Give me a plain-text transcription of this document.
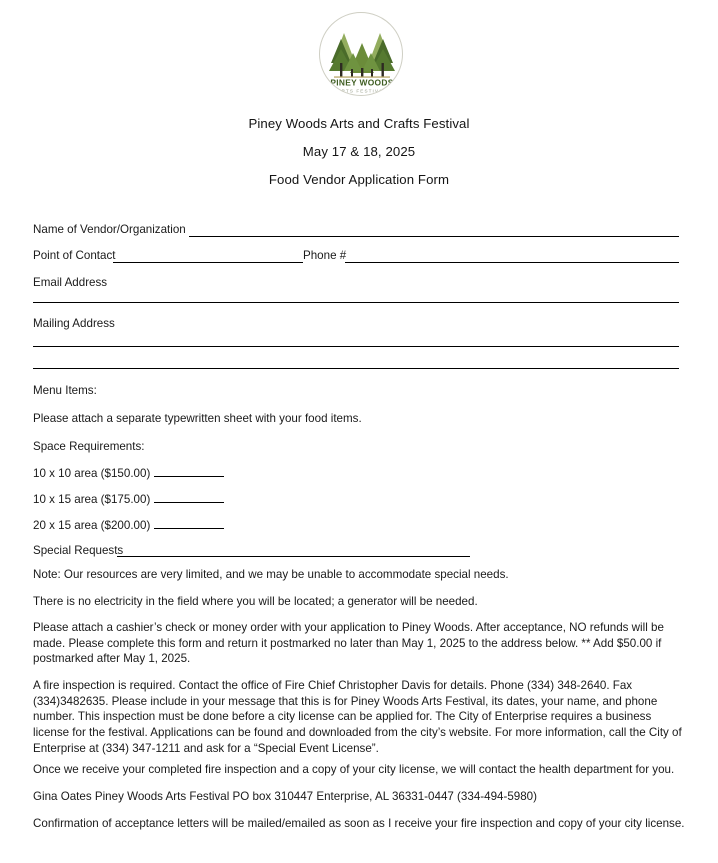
PINEY WOODS
ARTS FESTIVAL
Piney Woods Arts and Crafts Festival
May 17 & 18, 2025
Food Vendor Application Form
Name of Vendor/Organization
Point of Contact	Phone #
Email Address
Mailing Address
Menu Items:
Please attach a separate typewritten sheet with your food items.
Space Requirements:
10 x 10 area ($150.00)
10 x 15 area ($175.00)
20 x 15 area ($200.00)
Special Requests
Note: Our resources are very limited, and we may be unable to accommodate special needs.
There is no electricity in the field where you will be located; a generator will be needed.
Please attach a cashier’s check or money order with your application to Piney Woods. After acceptance, NO refunds will be made. Please complete this form and return it postmarked no later than May 1, 2025 to the address below. ** Add $50.00 if postmarked after May 1, 2025.
A fire inspection is required. Contact the office of Fire Chief Christopher Davis for details. Phone (334) 348-2640. Fax (334)3482635. Please include in your message that this is for Piney Woods Arts Festival, its dates, your name, and phone number. This inspection must be done before a city license can be applied for. The City of Enterprise requires a business license for the festival. Applications can be found and downloaded from the city’s website. For more information, call the City of Enterprise at (334) 347-1211 and ask for a “Special Event License”.
Once we receive your completed fire inspection and a copy of your city license, we will contact the health department for you.
Gina Oates Piney Woods Arts Festival PO box 310447 Enterprise, AL 36331-0447 (334-494-5980)
Confirmation of acceptance letters will be mailed/emailed as soon as I receive your fire inspection and copy of your city license.
